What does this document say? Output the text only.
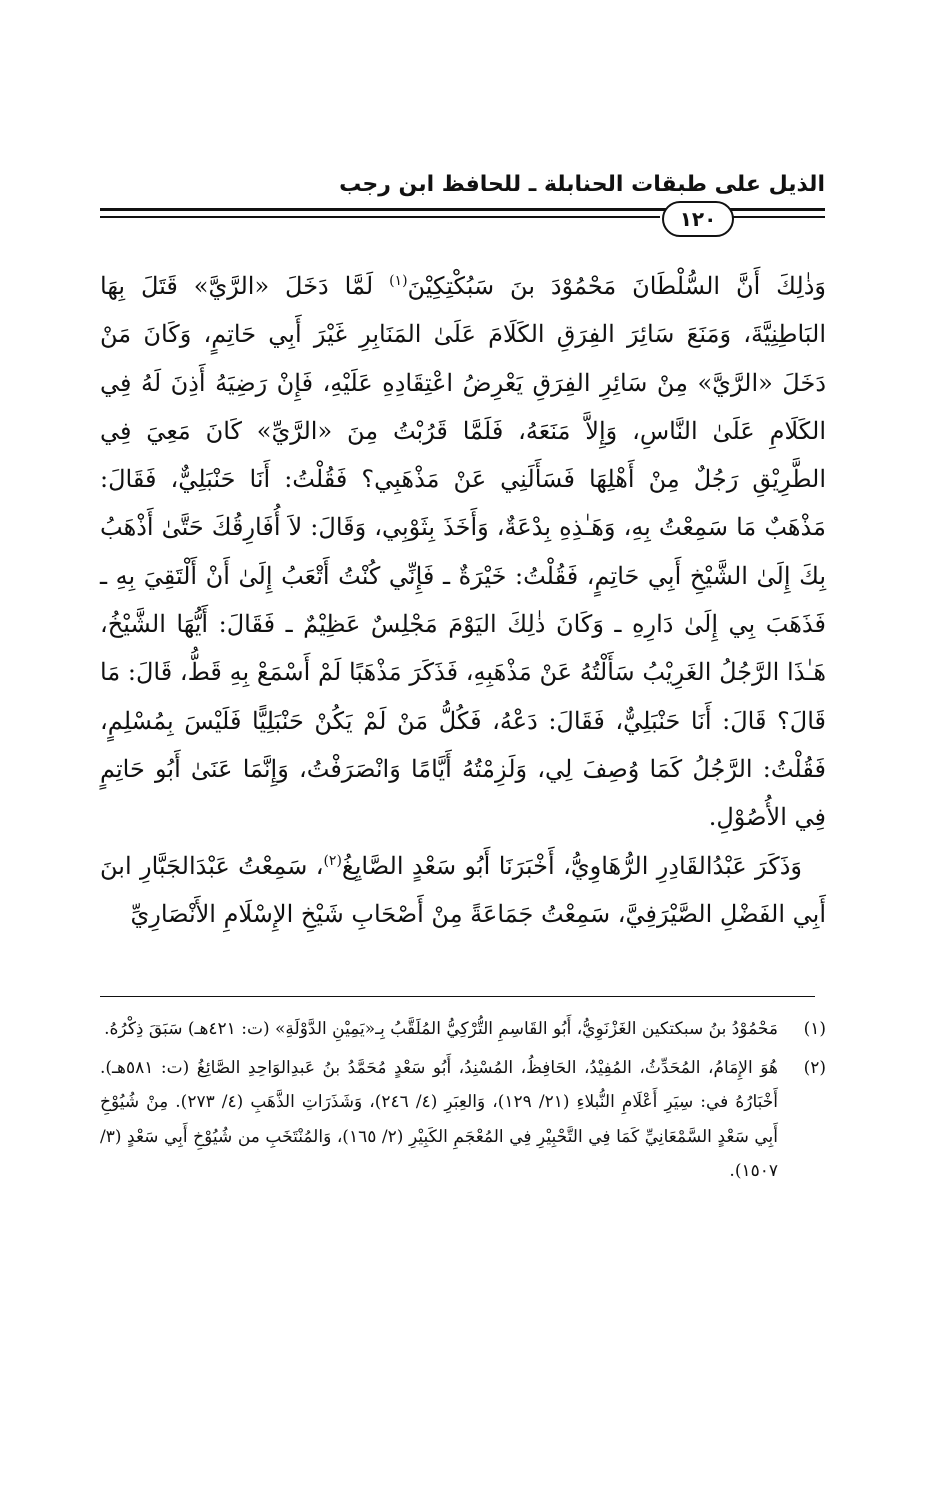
الذيل على طبقات الحنابلة ـ للحافظ ابن رجب
١٢٠

وَذٰلِكَ أَنَّ السُّلْطَانَ مَحْمُوْدَ بنَ سَبُكْتِكِيْنَ$^{(١)}$ لَمَّا دَخَلَ «الرَّيَّ» قَتَلَ بِهَا البَاطِنِيَّةَ، وَمَنَعَ سَائِرَ الفِرَقِ الكَلَامَ عَلَىٰ المَنَابِرِ غَيْرَ أَبِي حَاتِمٍ، وَكَانَ مَنْ دَخَلَ «الرَّيَّ» مِنْ سَائِرِ الفِرَقِ يَعْرِضُ اعْتِقَادِهِ عَلَيْهِ، فَإِنْ رَضِيَهُ أَذِنَ لَهُ فِي الكَلَامِ عَلَىٰ النَّاسِ، وَإِلاَّ مَنَعَهُ، فَلَمَّا قَرُبْتُ مِنَ «الرَّيِّ» كَانَ مَعِيَ فِي الطَّرِيْقِ رَجُلٌ مِنْ أَهْلِهَا فَسَأَلَنِي عَنْ مَذْهَبِي؟ فَقُلْتُ: أَنَا حَنْبَلِيٌّ، فَقَالَ: مَذْهَبٌ مَا سَمِعْتُ بِهِ، وَهَـٰذِهِ بِدْعَةٌ، وَأَخَذَ بِثَوْبِي، وَقَالَ: لاَ أُفَارِقُكَ حَتَّىٰ أَذْهَبُ بِكَ إِلَىٰ الشَّيْخِ أَبِي حَاتِمٍ، فَقُلْتُ: خَيْرَةٌ ـ فَإِنِّي كُنْتُ أَتْعَبُ إِلَىٰ أَنْ أَلْتَقِيَ بِهِ ـ فَذَهَبَ بِي إِلَىٰ دَارِهِ ـ وَكَانَ ذٰلِكَ اليَوْمَ مَجْلِسٌ عَظِيْمٌ ـ فَقَالَ: أَيُّهَا الشَّيْخُ، هَـٰذَا الرَّجُلُ الغَرِيْبُ سَأَلْتُهُ عَنْ مَذْهَبِهِ، فَذَكَرَ مَذْهَبًا لَمْ أَسْمَعْ بِهِ قَطُّ، قَالَ: مَا قَالَ؟ قَالَ: أَنَا حَنْبَلِيٌّ، فَقَالَ: دَعْهُ، فَكُلُّ مَنْ لَمْ يَكُنْ حَنْبَلِيًّا فَلَيْسَ بِمُسْلِمٍ، فَقُلْتُ: الرَّجُلُ كَمَا وُصِفَ لِي، وَلَزِمْتُهُ أَيَّامًا وَانْصَرَفْتُ، وَإِنَّمَا عَنَىٰ أَبُو حَاتِمٍ فِي الأُصُوْلِ.

وَذَكَرَ عَبْدُالقَادِرِ الرُّهَاوِيُّ، أَخْبَرَنَا أَبُو سَعْدٍ الصَّايِغُ$^{(٢)}$، سَمِعْتُ عَبْدَالجَبَّارِ ابنَ أَبِي الفَضْلِ الصَّيْرَفِيَّ، سَمِعْتُ جَمَاعَةً مِنْ أَصْحَابِ شَيْخِ الإِسْلَامِ الأَنْصَارِيِّ

(١)
مَحْمُوْدُ بنُ سبكتكين الغَزْنَوِيُّ، أَبُو القَاسِمِ التُّرْكِيُّ المُلَقَّبُ بِـ«يَمِيْنِ الدَّوْلَةِ» (ت: ٤٢١هـ) سَبَقَ ذِكْرُهُ.
(٢)
هُوَ الإِمَامُ، المُحَدِّثُ، المُفِيْدُ، الحَافِظُ، المُسْنِدُ، أَبُو سَعْدٍ مُحَمَّدُ بنُ عَبدِالوَاحِدِ الصَّائِغُ (ت: ٥٨١هـ). أَخْبَارُهُ في: سِيَرِ أَعْلَامِ النُّبلاءِ (٢١/ ١٢٩)، وَالعِبَرِ (٤/ ٢٤٦)، وَشَذَرَاتِ الذَّهَبِ (٤/ ٢٧٣). مِنْ شُيُوْخِ أَبِي سَعْدٍ السَّمْعَانِيِّ كَمَا فِي التَّحْبِيْرِ فِي المُعْجَمِ الكَبِيْرِ (٢/ ١٦٥)، وَالمُنْتَخَبِ من شُيُوْخِ أَبِي سَعْدٍ (٣/ ١٥٠٧).
